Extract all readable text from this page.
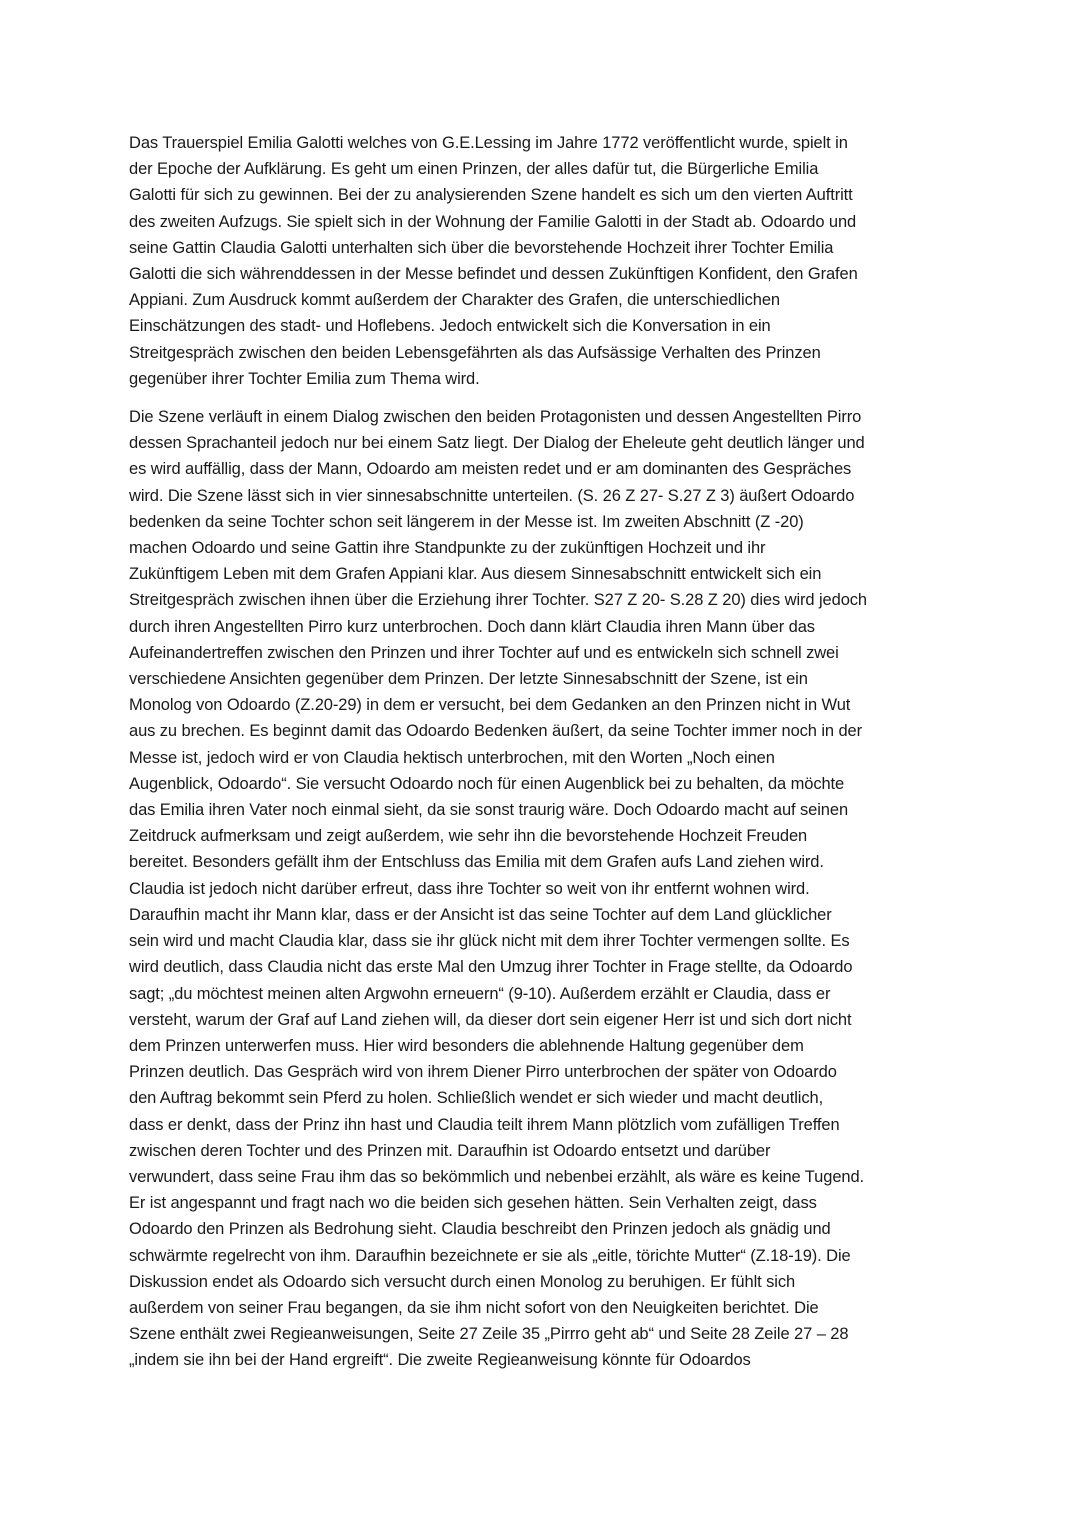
Das Trauerspiel Emilia Galotti welches von G.E.Lessing im Jahre 1772 veröffentlicht wurde, spielt in
der Epoche der Aufklärung. Es geht um einen Prinzen, der alles dafür tut, die Bürgerliche Emilia
Galotti für sich zu gewinnen. Bei der zu analysierenden Szene handelt es sich um den vierten Auftritt
des zweiten Aufzugs. Sie spielt sich in der Wohnung der Familie Galotti in der Stadt ab. Odoardo und
seine Gattin Claudia Galotti unterhalten sich über die bevorstehende Hochzeit ihrer Tochter Emilia
Galotti die sich währenddessen in der Messe befindet und dessen Zukünftigen Konfident, den Grafen
Appiani. Zum Ausdruck kommt außerdem der Charakter des Grafen, die unterschiedlichen
Einschätzungen des stadt- und Hoflebens. Jedoch entwickelt sich die Konversation in ein
Streitgespräch zwischen den beiden Lebensgefährten als das Aufsässige Verhalten des Prinzen
gegenüber ihrer Tochter Emilia zum Thema wird.
Die Szene verläuft in einem Dialog zwischen den beiden Protagonisten und dessen Angestellten Pirro
dessen Sprachanteil jedoch nur bei einem Satz liegt. Der Dialog der Eheleute geht deutlich länger und
es wird auffällig, dass der Mann, Odoardo am meisten redet und er am dominanten des Gespräches
wird. Die Szene lässt sich in vier sinnesabschnitte unterteilen. (S. 26 Z 27- S.27 Z 3) äußert Odoardo
bedenken da seine Tochter schon seit längerem in der Messe ist. Im zweiten Abschnitt (Z -20)
machen Odoardo und seine Gattin ihre Standpunkte zu der zukünftigen Hochzeit und ihr
Zukünftigem Leben mit dem Grafen Appiani klar. Aus diesem Sinnesabschnitt entwickelt sich ein
Streitgespräch zwischen ihnen über die Erziehung ihrer Tochter. S27 Z 20- S.28 Z 20) dies wird jedoch
durch ihren Angestellten Pirro kurz unterbrochen. Doch dann klärt Claudia ihren Mann über das
Aufeinandertreffen zwischen den Prinzen und ihrer Tochter auf und es entwickeln sich schnell zwei
verschiedene Ansichten gegenüber dem Prinzen. Der letzte Sinnesabschnitt der Szene, ist ein
Monolog von Odoardo (Z.20-29) in dem er versucht, bei dem Gedanken an den Prinzen nicht in Wut
aus zu brechen. Es beginnt damit das Odoardo Bedenken äußert, da seine Tochter immer noch in der
Messe ist, jedoch wird er von Claudia hektisch unterbrochen, mit den Worten „Noch einen
Augenblick, Odoardo“. Sie versucht Odoardo noch für einen Augenblick bei zu behalten, da möchte
das Emilia ihren Vater noch einmal sieht, da sie sonst traurig wäre. Doch Odoardo macht auf seinen
Zeitdruck aufmerksam und zeigt außerdem, wie sehr ihn die bevorstehende Hochzeit Freuden
bereitet. Besonders gefällt ihm der Entschluss das Emilia mit dem Grafen aufs Land ziehen wird.
Claudia ist jedoch nicht darüber erfreut, dass ihre Tochter so weit von ihr entfernt wohnen wird.
Daraufhin macht ihr Mann klar, dass er der Ansicht ist das seine Tochter auf dem Land glücklicher
sein wird und macht Claudia klar, dass sie ihr glück nicht mit dem ihrer Tochter vermengen sollte. Es
wird deutlich, dass Claudia nicht das erste Mal den Umzug ihrer Tochter in Frage stellte, da Odoardo
sagt; „du möchtest meinen alten Argwohn erneuern“ (9-10). Außerdem erzählt er Claudia, dass er
versteht, warum der Graf auf Land ziehen will, da dieser dort sein eigener Herr ist und sich dort nicht
dem Prinzen unterwerfen muss. Hier wird besonders die ablehnende Haltung gegenüber dem
Prinzen deutlich. Das Gespräch wird von ihrem Diener Pirro unterbrochen der später von Odoardo
den Auftrag bekommt sein Pferd zu holen. Schließlich wendet er sich wieder und macht deutlich,
dass er denkt, dass der Prinz ihn hast und Claudia teilt ihrem Mann plötzlich vom zufälligen Treffen
zwischen deren Tochter und des Prinzen mit. Daraufhin ist Odoardo entsetzt und darüber
verwundert, dass seine Frau ihm das so bekömmlich und nebenbei erzählt, als wäre es keine Tugend.
Er ist angespannt und fragt nach wo die beiden sich gesehen hätten. Sein Verhalten zeigt, dass
Odoardo den Prinzen als Bedrohung sieht. Claudia beschreibt den Prinzen jedoch als gnädig und
schwärmte regelrecht von ihm. Daraufhin bezeichnete er sie als „eitle, törichte Mutter“ (Z.18-19). Die
Diskussion endet als Odoardo sich versucht durch einen Monolog zu beruhigen. Er fühlt sich
außerdem von seiner Frau begangen, da sie ihm nicht sofort von den Neuigkeiten berichtet. Die
Szene enthält zwei Regieanweisungen, Seite 27 Zeile 35 „Pirrro geht ab“ und Seite 28 Zeile 27 – 28
„indem sie ihn bei der Hand ergreift“. Die zweite Regieanweisung könnte für Odoardos
